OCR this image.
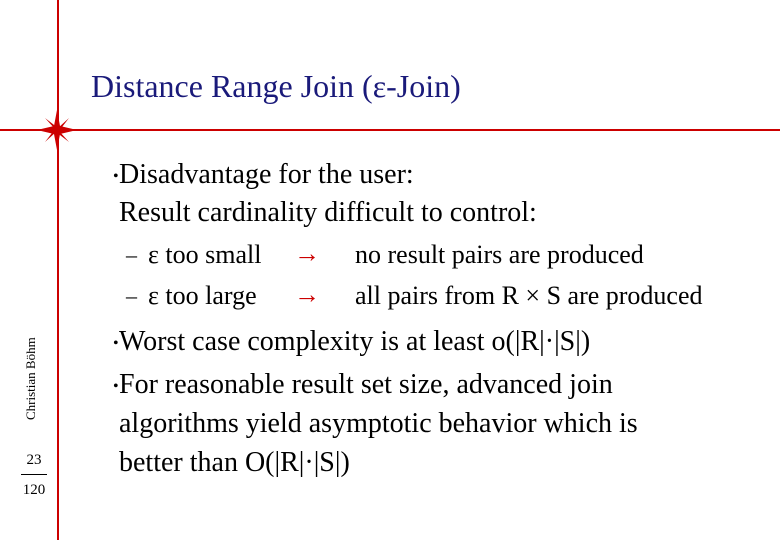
Distance Range Join (ε-Join)
• Disadvantage for the user:
Result cardinality difficult to control:
– ε too small → no result pairs are produced
– ε too large → all pairs from R × S are produced
• Worst case complexity is at least o(|R|·|S|)
• For reasonable result set size, advanced join
algorithms yield asymptotic behavior which is
better than O(|R|·|S|)
Christian Böhm
23
120
